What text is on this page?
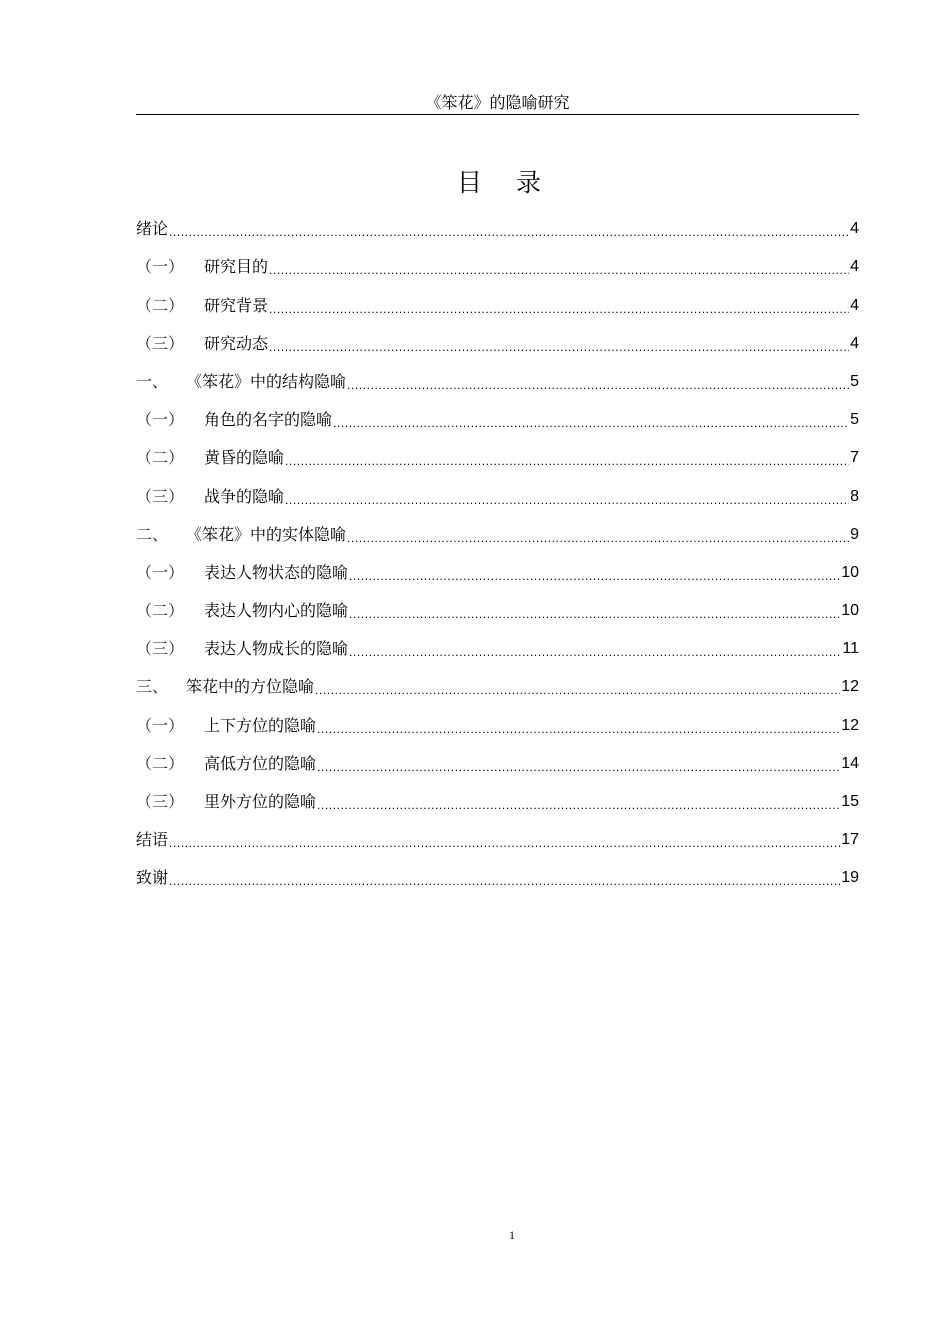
《笨花》的隐喻研究
目 录
绪论 .....	4
（一）	研究目的 .....	4
（二）	研究背景 .....	4
（三）	研究动态 .....	4
一、	《笨花》中的结构隐喻 .....	5
（一）	角色的名字的隐喻 .....	5
（二）	黄昏的隐喻 .....	7
（三）	战争的隐喻 .....	8
二、	《笨花》中的实体隐喻 .....	9
（一）	表达人物状态的隐喻 .....	10
（二）	表达人物内心的隐喻 .....	10
（三）	表达人物成长的隐喻 .....	11
三、	笨花中的方位隐喻 .....	12
（一）	上下方位的隐喻 .....	12
（二）	高低方位的隐喻 .....	14
（三）	里外方位的隐喻 .....	15
结语 .....	17
致谢 .....	19
1
